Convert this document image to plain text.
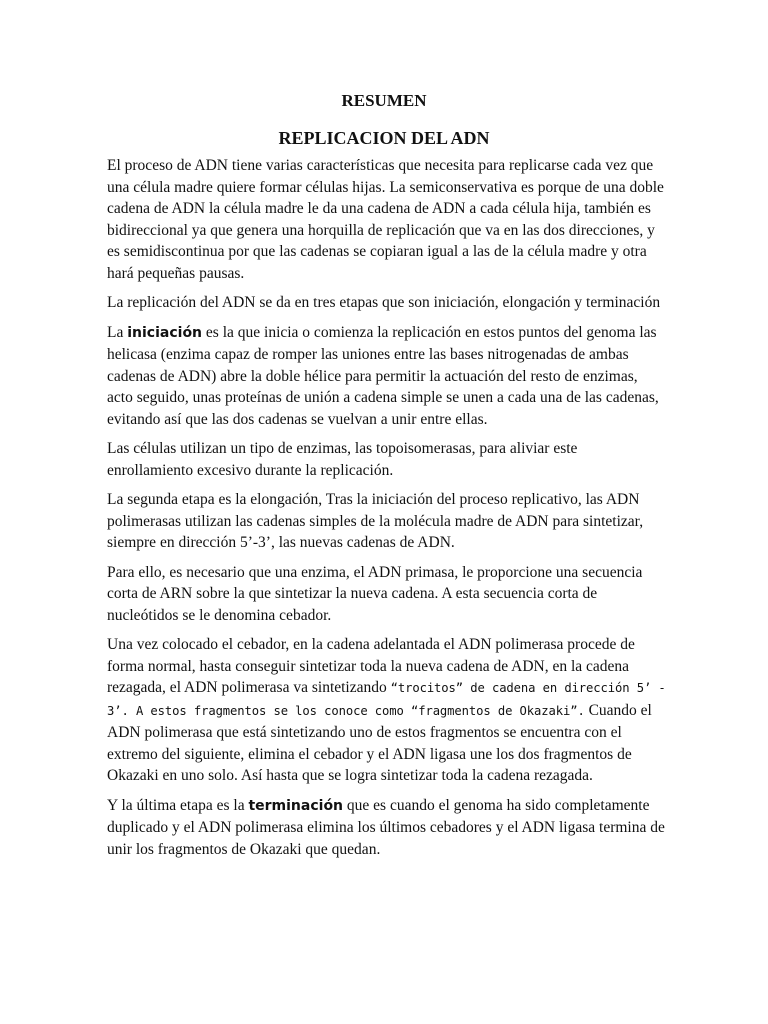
RESUMEN
REPLICACION DEL ADN

El proceso de ADN tiene varias características que necesita para replicarse cada vez que una célula madre quiere formar células hijas. La semiconservativa es porque de una doble cadena de ADN la célula madre le da una cadena de ADN a cada célula hija, también es bidireccional ya que genera una horquilla de replicación que va en las dos direcciones, y es semidiscontinua por que las cadenas se copiaran igual a las de la célula madre y otra hará pequeñas pausas.

La replicación del ADN se da en tres etapas que son iniciación, elongación y terminación

La iniciación es la que inicia o comienza la replicación en estos puntos del genoma las helicasa (enzima capaz de romper las uniones entre las bases nitrogenadas de ambas cadenas de ADN) abre la doble hélice para permitir la actuación del resto de enzimas, acto seguido, unas proteínas de unión a cadena simple se unen a cada una de las cadenas, evitando así que las dos cadenas se vuelvan a unir entre ellas.

Las células utilizan un tipo de enzimas, las topoisomerasas, para aliviar este enrollamiento excesivo durante la replicación.

La segunda etapa es la elongación, Tras la iniciación del proceso replicativo, las ADN polimerasas utilizan las cadenas simples de la molécula madre de ADN para sintetizar, siempre en dirección 5’-3’, las nuevas cadenas de ADN.

Para ello, es necesario que una enzima, el ADN primasa, le proporcione una secuencia corta de ARN sobre la que sintetizar la nueva cadena. A esta secuencia corta de nucleótidos se le denomina cebador.

Una vez colocado el cebador, en la cadena adelantada el ADN polimerasa procede de forma normal, hasta conseguir sintetizar toda la nueva cadena de ADN, en la cadena rezagada, el ADN polimerasa va sintetizando “trocitos” de cadena en dirección 5’ - 3’. A estos fragmentos se los conoce como “fragmentos de Okazaki”. Cuando el ADN polimerasa que está sintetizando uno de estos fragmentos se encuentra con el extremo del siguiente, elimina el cebador y el ADN ligasa une los dos fragmentos de Okazaki en uno solo. Así hasta que se logra sintetizar toda la cadena rezagada.

Y la última etapa es la terminación que es cuando el genoma ha sido completamente duplicado y el ADN polimerasa elimina los últimos cebadores y el ADN ligasa termina de unir los fragmentos de Okazaki que quedan.
